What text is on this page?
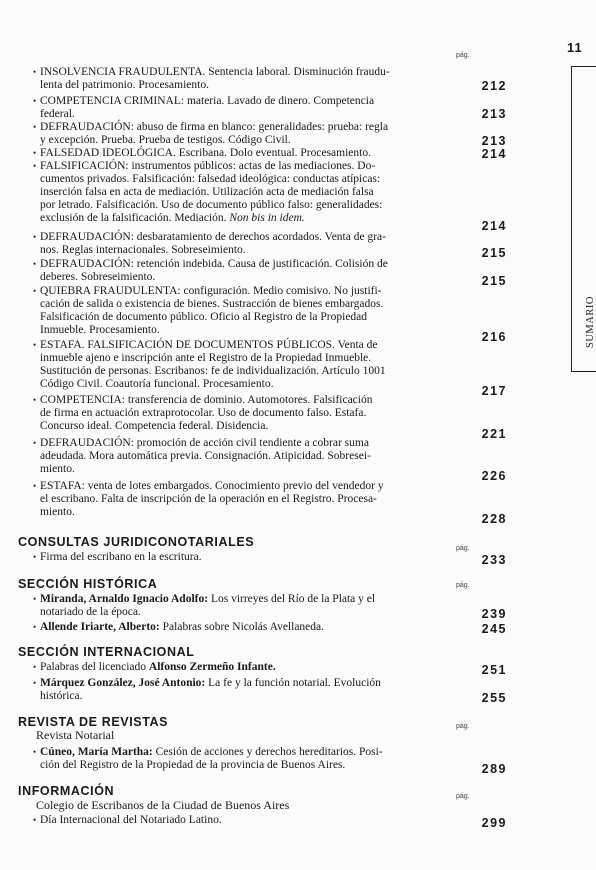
11
SUMARIO
pág.
• INSOLVENCIA FRAUDULENTA. Sentencia laboral. Disminución fraudu-
lenta del patrimonio. Procesamiento.	212
• COMPETENCIA CRIMINAL: materia. Lavado de dinero. Competencia
federal.	213
• DEFRAUDACIÓN: abuso de firma en blanco: generalidades: prueba: regla
y excepción. Prueba. Prueba de testigos. Código Civil.	213
• FALSEDAD IDEOLÓGICA. Escribana. Dolo eventual. Procesamiento.	214
• FALSIFICACIÓN: instrumentos públicos: actas de las mediaciones. Do-
cumentos privados. Falsificación: falsedad ideológica: conductas atípicas:
inserción falsa en acta de mediación. Utilización acta de mediación falsa
por letrado. Falsificación. Uso de documento público falso: generalidades:
exclusión de la falsificación. Mediación. Non bis in idem.
214
• DEFRAUDACIÓN: desbaratamiento de derechos acordados. Venta de gra-
nos. Reglas internacionales. Sobreseimiento.	215
• DEFRAUDACIÓN: retención indebida. Causa de justificación. Colisión de
deberes. Sobreseimiento.	215
• QUIEBRA FRAUDULENTA: configuración. Medio comisivo. No justifi-
cación de salida o existencia de bienes. Sustracción de bienes embargados.
Falsificación de documento público. Oficio al Registro de la Propiedad
Inmueble. Procesamiento.	216
• ESTAFA. FALSIFICACIÓN DE DOCUMENTOS PÚBLICOS. Venta de
inmueble ajeno e inscripción ante el Registro de la Propiedad Inmueble.
Sustitución de personas. Escribanos: fe de individualización. Artículo 1001
Código Civil. Coautoría funcional. Procesamiento.	217
• COMPETENCIA: transferencia de dominio. Automotores. Falsificación
de firma en actuación extraprotocolar. Uso de documento falso. Estafa.
Concurso ideal. Competencia federal. Disidencia.
221
• DEFRAUDACIÓN: promoción de acción civil tendiente a cobrar suma
adeudada. Mora automática previa. Consignación. Atipicidad. Sobresei-
miento.	226
• ESTAFA: venta de lotes embargados. Conocimiento previo del vendedor y
el escribano. Falta de inscripción de la operación en el Registro. Procesa-
miento.	228
CONSULTAS JURIDICONOTARIALES	pág.
• Firma del escribano en la escritura.	233
SECCIÓN HISTÓRICA	pág.
• Miranda, Arnaldo Ignacio Adolfo: Los virreyes del Río de la Plata y el
notariado de la época.	239
• Allende Iriarte, Alberto: Palabras sobre Nicolás Avellaneda.	245
SECCIÓN INTERNACIONAL
• Palabras del licenciado Alfonso Zermeño Infante.	251
• Márquez González, José Antonio: La fe y la función notarial. Evolución
histórica.	255
REVISTA DE REVISTAS	pág.
Revista Notarial
• Cúneo, María Martha: Cesión de acciones y derechos hereditarios. Posi-
ción del Registro de la Propiedad de la provincia de Buenos Aires.	289
INFORMACIÓN	pág.
Colegio de Escribanos de la Ciudad de Buenos Aires
• Día Internacional del Notariado Latino.	299
